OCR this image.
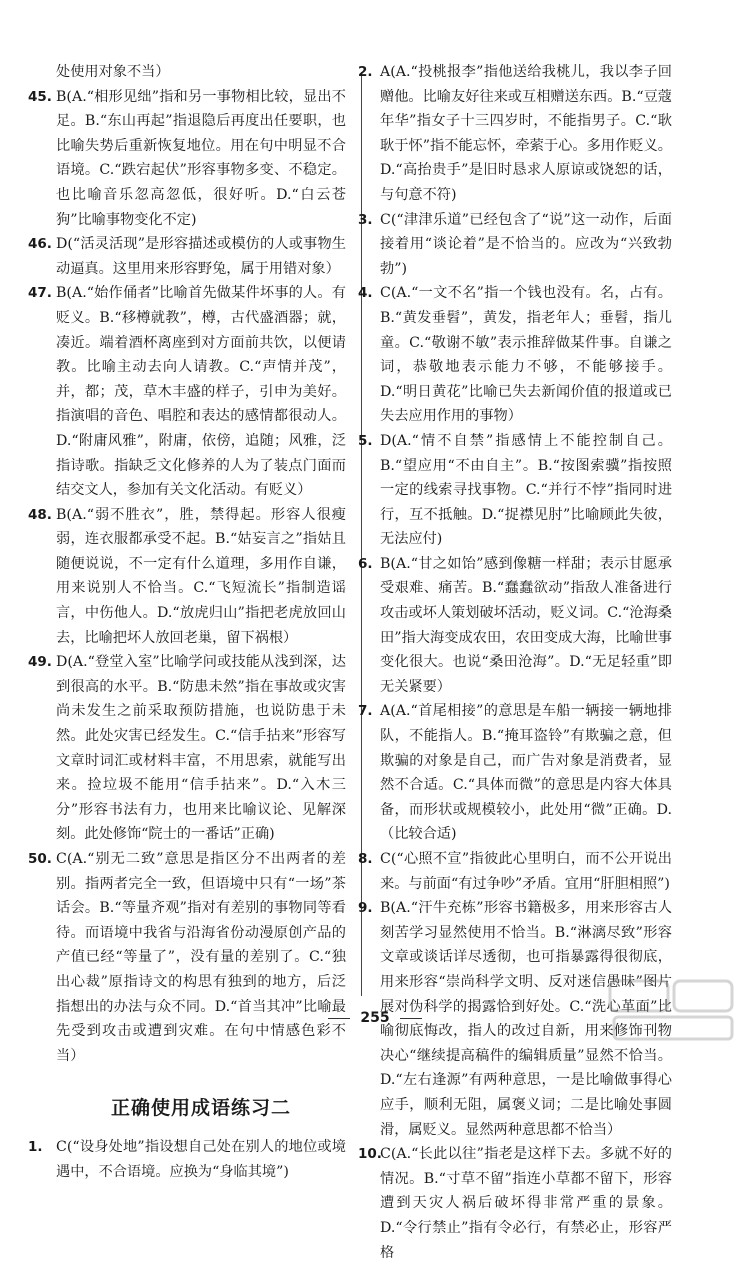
处使用对象不当）
45. B(A.“相形见绌”指和另一事物相比较，显出不足。B.“东山再起”指退隐后再度出任要职，也比喻失势后重新恢复地位。用在句中明显不合语境。C.“跌宕起伏”形容事物多变、不稳定。也比喻音乐忽高忽低，很好听。D.“白云苍狗”比喻事物变化不定)
46. D(“活灵活现”是形容描述或模仿的人或事物生动逼真。这里用来形容野兔，属于用错对象）
47. B(A.“始作俑者”比喻首先做某件坏事的人。有贬义。B.“移樽就教”，樽，古代盛酒器；就，凑近。端着酒杯离座到对方面前共饮，以便请教。比喻主动去向人请教。C.“声情并茂”，并，都；茂，草木丰盛的样子，引申为美好。指演唱的音色、唱腔和表达的感情都很动人。D.“附庸风雅”，附庸，依傍，追随；风雅，泛指诗歌。指缺乏文化修养的人为了装点门面而结交文人，参加有关文化活动。有贬义）
48. B(A.“弱不胜衣”，胜，禁得起。形容人很瘦弱，连衣服都承受不起。B.“姑妄言之”指姑且随便说说，不一定有什么道理，多用作自谦，用来说别人不恰当。C.“飞短流长”指制造谣言，中伤他人。D.“放虎归山”指把老虎放回山去，比喻把坏人放回老巢，留下祸根）
49. D(A.“登堂入室”比喻学问或技能从浅到深，达到很高的水平。B.“防患未然”指在事故或灾害尚未发生之前采取预防措施，也说防患于未然。此处灾害已经发生。C.“信手拈来”形容写文章时词汇或材料丰富，不用思索，就能写出来。捡垃圾不能用“信手拈来”。D.“入木三分”形容书法有力，也用来比喻议论、见解深刻。此处修饰“院士的一番话”正确)
50. C(A.“别无二致”意思是指区分不出两者的差别。指两者完全一致，但语境中只有“一场”茶话会。B.“等量齐观”指对有差别的事物同等看待。而语境中我省与沿海省份动漫原创产品的产值已经“等量了”，没有量的差别了。C.“独出心裁”原指诗文的构思有独到的地方，后泛指想出的办法与众不同。D.“首当其冲”比喻最先受到攻击或遭到灾难。在句中情感色彩不当）
正确使用成语练习二
1. C(“设身处地”指设想自己处在别人的地位或境遇中，不合语境。应换为“身临其境”)
2. A(A.“投桃报李”指他送给我桃儿，我以李子回赠他。比喻友好往来或互相赠送东西。B.“豆蔻年华”指女子十三四岁时，不能指男子。C.“耿耿于怀”指不能忘怀，牵萦于心。多用作贬义。D.“高抬贵手”是旧时恳求人原谅或饶恕的话，与句意不符)
3. C(“津津乐道”已经包含了“说”这一动作，后面接着用“谈论着”是不恰当的。应改为“兴致勃勃”)
4. C(A.“一文不名”指一个钱也没有。名，占有。B.“黄发垂髫”，黄发，指老年人；垂髫，指儿童。C.“敬谢不敏”表示推辞做某件事。自谦之词，恭敬地表示能力不够，不能够接手。D.“明日黄花”比喻已失去新闻价值的报道或已失去应用作用的事物）
5. D(A.“情不自禁”指感情上不能控制自己。B.“望应用“不由自主”。B.“按图索骥”指按照一定的线索寻找事物。C.“并行不悖”指同时进行，互不抵触。D.“捉襟见肘”比喻顾此失彼，无法应付)
6. B(A.“甘之如饴”感到像糖一样甜；表示甘愿承受艰难、痛苦。B.“蠢蠢欲动”指敌人准备进行攻击或坏人策划破坏活动，贬义词。C.“沧海桑田”指大海变成农田，农田变成大海，比喻世事变化很大。也说“桑田沧海”。D.“无足轻重”即无关紧要）
7. A(A.“首尾相接”的意思是车船一辆接一辆地排队，不能指人。B.“掩耳盗铃”有欺骗之意，但欺骗的对象是自己，而广告对象是消费者，显然不合适。C.“具体而微”的意思是内容大体具备，而形状或规模较小，此处用“微”正确。D.（比较合适)
8. C(“心照不宣”指彼此心里明白，而不公开说出来。与前面“有过争吵”矛盾。宜用“肝胆相照”)
9. B(A.“汗牛充栋”形容书籍极多，用来形容古人刻苦学习显然使用不恰当。B.“淋漓尽致”形容文章或谈话详尽透彻，也可指暴露得很彻底，用来形容“崇尚科学文明、反对迷信愚昧”图片展对伪科学的揭露恰到好处。C.“洗心革面”比喻彻底悔改，指人的改过自新，用来修饰刊物决心“继续提高稿件的编辑质量”显然不恰当。D.“左右逢源”有两种意思，一是比喻做事得心应手，顺利无阻，属褒义词；二是比喻处事圆滑，属贬义。显然两种意思都不恰当）
10.
C(A.“长此以往”指老是这样下去。多就不好的情况。B.“寸草不留”指连小草都不留下，形容遭到天灾人祸后破坏得非常严重的景象。D.“令行禁止”指有令必行，有禁必止，形容严格
255
